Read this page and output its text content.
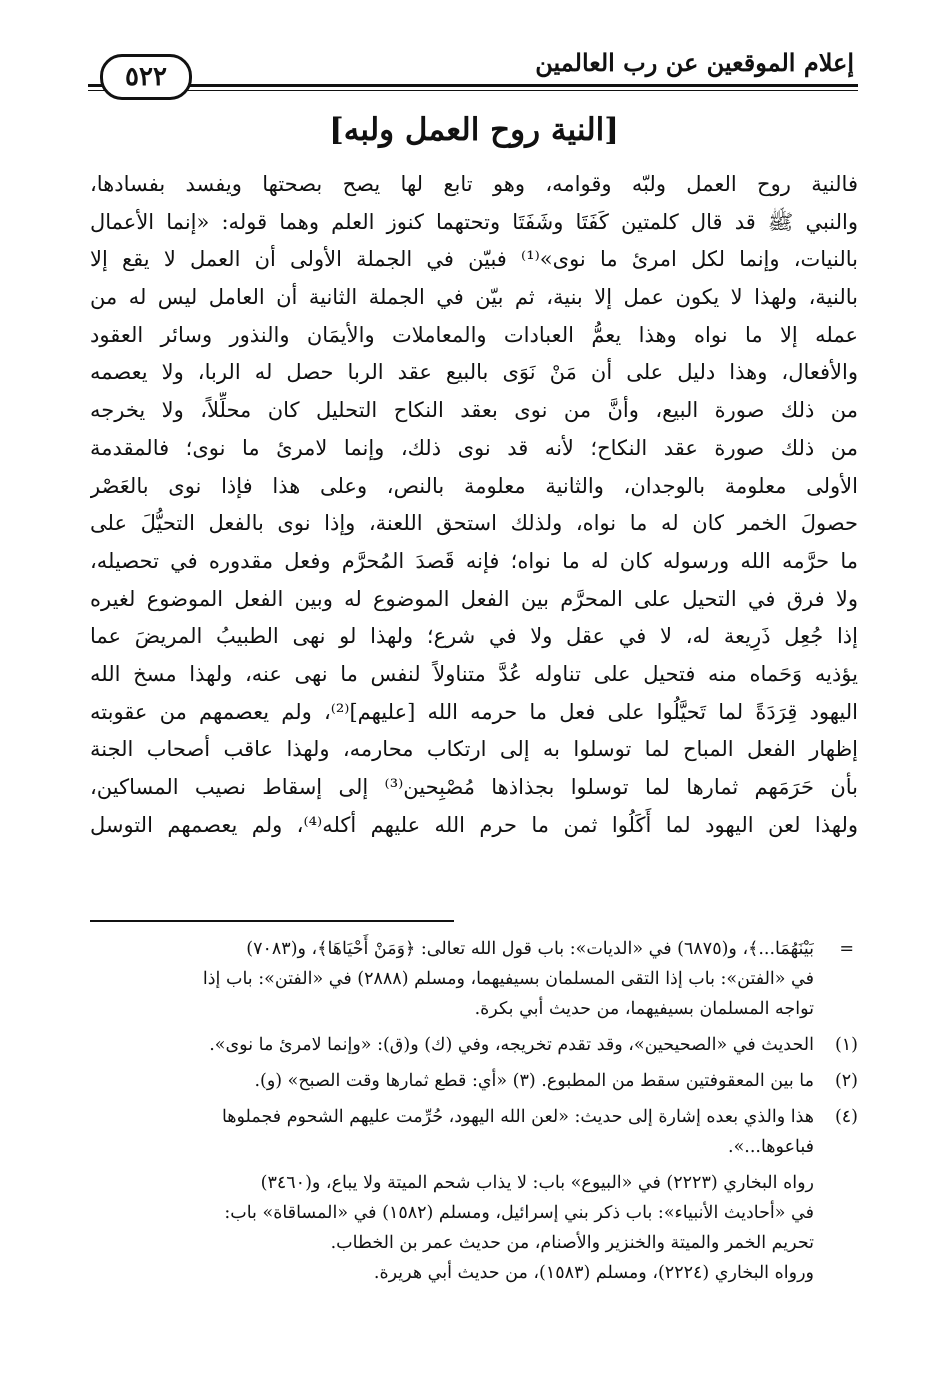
إعلام الموقعين عن رب العالمين
٥٢٢
[النية روح العمل ولبه]
فالنية روح العمل ولبّه وقوامه، وهو تابع لها يصح بصحتها ويفسد بفسادها،
والنبي ﷺ قد قال كلمتين كَفَتَا وشَفَتَا وتحتهما كنوز العلم وهما قوله: «إنما الأعمال
بالنيات، وإنما لكل امرئ ما نوى»⁽¹⁾ فبيّن في الجملة الأولى أن العمل لا يقع إلا
بالنية، ولهذا لا يكون عمل إلا بنية، ثم بيّن في الجملة الثانية أن العامل ليس له من
عمله إلا ما نواه وهذا يعمُّ العبادات والمعاملات والأيمَان والنذور وسائر العقود
والأفعال، وهذا دليل على أن مَنْ نَوَى بالبيع عقد الربا حصل له الربا، ولا يعصمه
من ذلك صورة البيع، وأنَّ من نوى بعقد النكاح التحليل كان محلِّلاً، ولا يخرجه
من ذلك صورة عقد النكاح؛ لأنه قد نوى ذلك، وإنما لامرئ ما نوى؛ فالمقدمة
الأولى معلومة بالوجدان، والثانية معلومة بالنص، وعلى هذا فإذا نوى بالعَصْر
حصولَ الخمر كان له ما نواه، ولذلك استحق اللعنة، وإذا نوى بالفعل التحيُّلَ على
ما حرَّمه الله ورسوله كان له ما نواه؛ فإنه قَصدَ المُحرَّم وفعل مقدوره في تحصيله،
ولا فرق في التحيل على المحرَّم بين الفعل الموضوع له وبين الفعل الموضوع لغيره
إذا جُعِل ذَرِيعة له، لا في عقل ولا في شرع؛ ولهذا لو نهى الطبيبُ المريضَ عما
يؤذيه وَحَماه منه فتحيل على تناوله عُدَّ متناولاً لنفس ما نهى عنه، ولهذا مسخ الله
اليهود قِرَدَةً لما تَحيَّلُوا على فعل ما حرمه الله [عليهم]⁽²⁾، ولم يعصمهم من عقوبته
إظهار الفعل المباح لما توسلوا به إلى ارتكاب محارمه، ولهذا عاقب أصحاب الجنة
بأن حَرَمَهم ثمارها لما توسلوا بجذاذها مُصْبِحين⁽³⁾ إلى إسقاط نصيب المساكين،
ولهذا لعن اليهود لما أَكَلُوا ثمن ما حرم الله عليهم أكله⁽⁴⁾، ولم يعصمهم التوسل
=
بَيْنَهُمَا...﴾، و(٦٨٧٥) في «الديات»: باب قول الله تعالى: ﴿وَمَنْ أَحْيَاهَا﴾، و(٧٠٨٣)
في «الفتن»: باب إذا التقى المسلمان بسيفيهما، ومسلم (٢٨٨٨) في «الفتن»: باب إذا
تواجه المسلمان بسيفيهما، من حديث أبي بكرة.
(١)
الحديث في «الصحيحين»، وقد تقدم تخريجه، وفي (ك) و(ق): «وإنما لامرئ ما نوى».
(٢)
ما بين المعقوفتين سقط من المطبوع. (٣) «أي: قطع ثمارها وقت الصبح» (و).
(٤)
هذا والذي بعده إشارة إلى حديث: «لعن الله اليهود، حُرِّمت عليهم الشحوم فجملوها
فباعوها...».
رواه البخاري (٢٢٢٣) في «البيوع» باب: لا يذاب شحم الميتة ولا يباع، و(٣٤٦٠)
في «أحاديث الأنبياء»: باب ذكر بني إسرائيل، ومسلم (١٥٨٢) في «المساقاة» باب:
تحريم الخمر والميتة والخنزير والأصنام، من حديث عمر بن الخطاب.
ورواه البخاري (٢٢٢٤)، ومسلم (١٥٨٣)، من حديث أبي هريرة.
